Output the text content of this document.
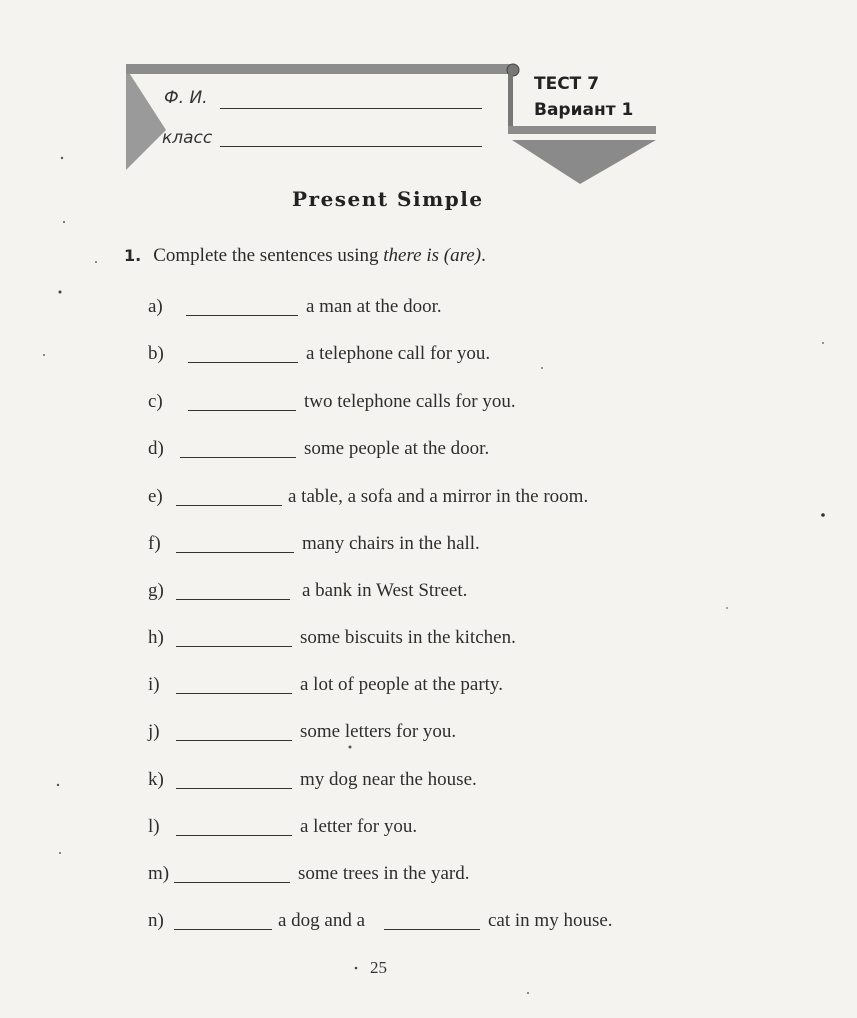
Ф. И.
класс
ТЕСТ 7
Вариант 1
Present Simple
1. Complete the sentences using there is (are).
a)	a man at the door.
b)	a telephone call for you.
c)	two telephone calls for you.
d)	some people at the door.
e)	a table, a sofa and a mirror in the room.
f)	many chairs in the hall.
g)	a bank in West Street.
h)	some biscuits in the kitchen.
i)	a lot of people at the party.
j)	some letters for you.
k)	my dog near the house.
l)	a letter for you.
m)	some trees in the yard.
n)	a dog and a	cat in my house.
25
